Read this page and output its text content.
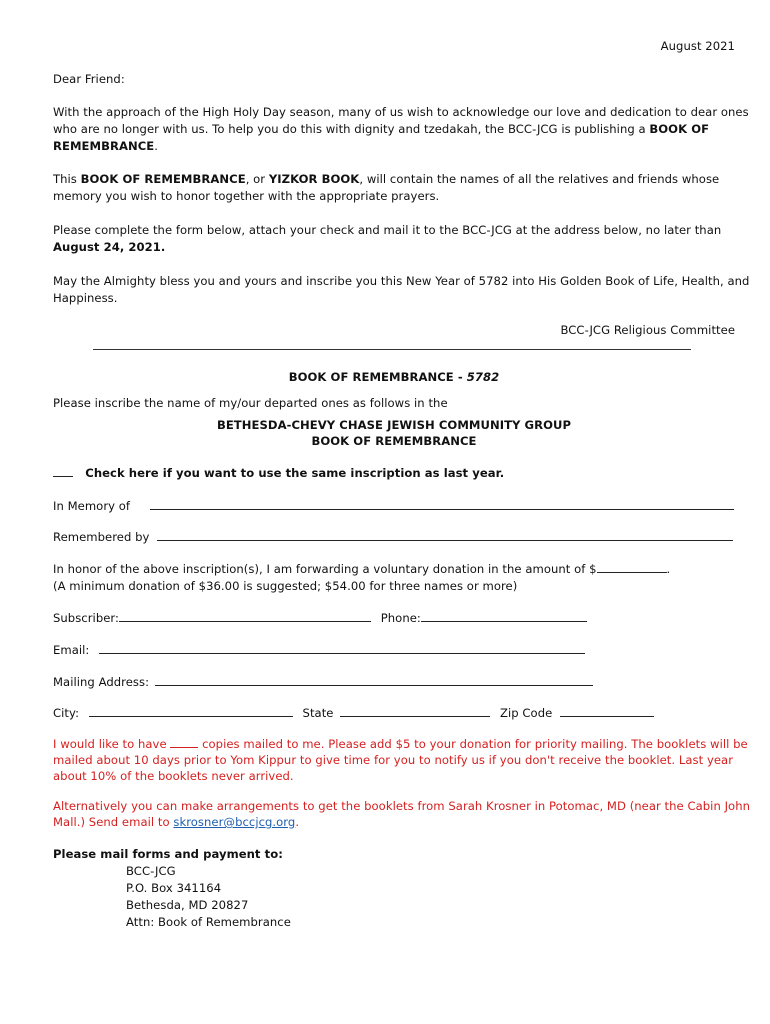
August 2021
Dear Friend:
With the approach of the High Holy Day season, many of us wish to acknowledge our love and dedication to dear ones
who are no longer with us. To help you do this with dignity and tzedakah, the BCC-JCG is publishing a BOOK OF
REMEMBRANCE.
This BOOK OF REMEMBRANCE, or YIZKOR BOOK, will contain the names of all the relatives and friends whose
memory you wish to honor together with the appropriate prayers.
Please complete the form below, attach your check and mail it to the BCC-JCG at the address below, no later than
August 24, 2021.
May the Almighty bless you and yours and inscribe you this New Year of 5782 into His Golden Book of Life, Health, and
Happiness.
BCC-JCG Religious Committee
BOOK OF REMEMBRANCE - 5782
Please inscribe the name of my/our departed ones as follows in the
BETHESDA-CHEVY CHASE JEWISH COMMUNITY GROUP
BOOK OF REMEMBRANCE
Check here if you want to use the same inscription as last year.
In Memory of
Remembered by
In honor of the above inscription(s), I am forwarding a voluntary donation in the amount of $	.
(A minimum donation of $36.00 is suggested; $54.00 for three names or more)
Subscriber:	Phone:
Email:
Mailing Address:
City:	State	Zip Code
I would like to have  copies mailed to me. Please add $5 to your donation for priority mailing. The booklets will be
mailed about 10 days prior to Yom Kippur to give time for you to notify us if you don't receive the booklet. Last year
about 10% of the booklets never arrived.
Alternatively you can make arrangements to get the booklets from Sarah Krosner in Potomac, MD (near the Cabin John
Mall.) Send email to skrosner@bccjcg.org.
Please mail forms and payment to:
BCC-JCG
P.O. Box 341164
Bethesda, MD 20827
Attn: Book of Remembrance
